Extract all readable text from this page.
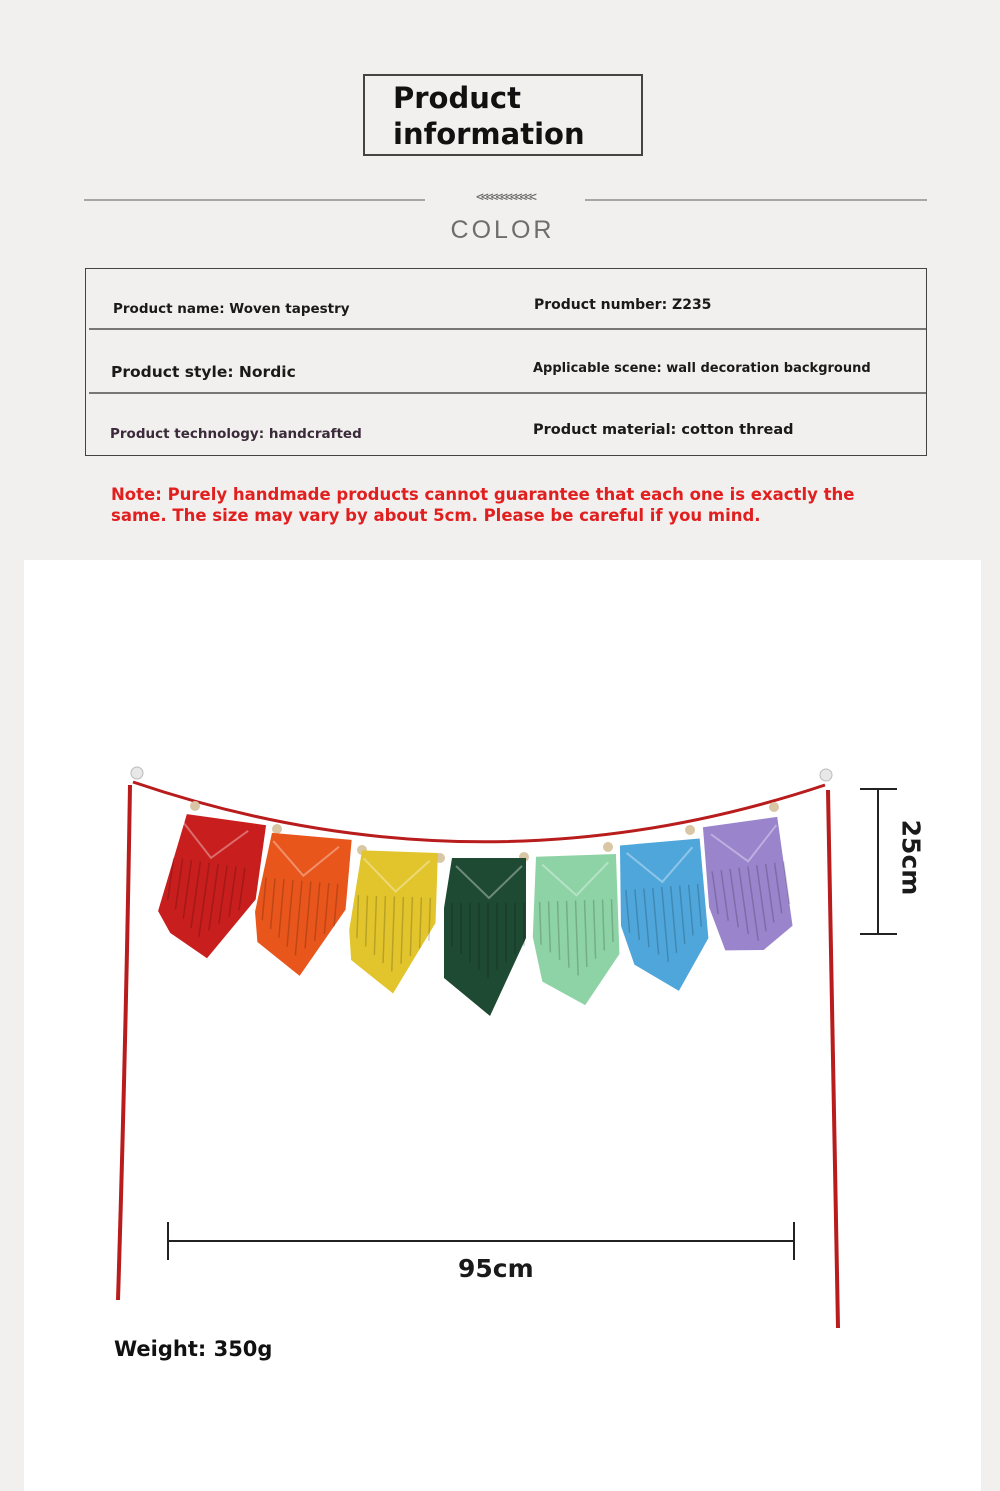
Product
information
<<<<<<<<<<<<
COLOR
Product name: Woven tapestry	Product number: Z235
Product style: Nordic	Applicable scene: wall decoration background
Product technology: handcrafted	Product material: cotton thread
Note: Purely handmade products cannot guarantee that each one is exactly the same. The size may vary by about 5cm. Please be careful if you mind.
95cm
25cm
Weight: 350g
